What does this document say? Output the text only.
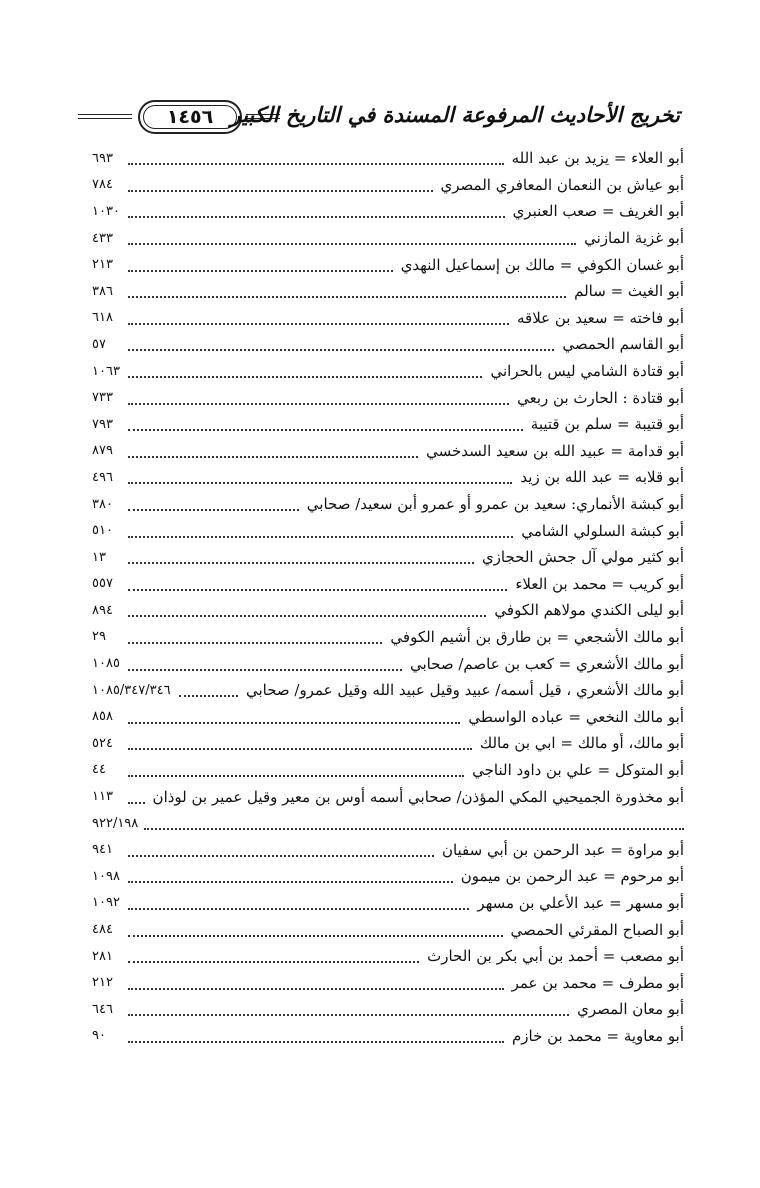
١٤٥٦ تخريج الأحاديث المرفوعة المسندة في التاريخ الكبير
أبو العلاء = يزيد بن عبد الله
٦٩٣
أبو عياش بن النعمان المعافري المصري
٧٨٤
أبو الغريف = صعب العنبري
١٠٣٠
أبو غزية المازني
٤٣٣
أبو غسان الكوفي = مالك بن إسماعيل النهدي
٢١٣
أبو الغيث = سالم
٣٨٦
أبو فاخته = سعيد بن علاقه
٦١٨
أبو القاسم الحمصي
٥٧
أبو قتادة الشامي ليس بالحراني
١٠٦٣
أبو قتادة : الحارث بن ربعي
٧٣٣
أبو قتيبة = سلم بن قتيبة
٧٩٣
أبو قدامة = عبيد الله بن سعيد السدخسي
٨٧٩
أبو قلابه = عبد الله بن زيد
٤٩٦
أبو كبشة الأنماري: سعيد بن عمرو أو عمرو أبن سعيد/ صحابي
٣٨٠
أبو كبشة السلولي الشامي
٥١٠
أبو كثير مولي آل جحش الحجازي
١٣
أبو كريب = محمد بن العلاء
٥٥٧
أبو ليلى الكندي مولاهم الكوفي
٨٩٤
أبو مالك الأشجعي = بن طارق بن أشيم الكوفي
٢٩
أبو مالك الأشعري = كعب بن عاصم/ صحابي
١٠٨٥
أبو مالك الأشعري ، قيل أسمه/ عبيد وقيل عبيد الله وقيل عمرو/ صحابي
١٠٨٥/٣٤٧/٣٤٦
أبو مالك النخعي = عباده الواسطي
٨٥٨
أبو مالك، أو مالك = ابي بن مالك
٥٢٤
أبو المتوكل = علي بن داود الناجي
٤٤
أبو مخذورة الجميحيي المكي المؤذن/ صحابي أسمه أوس بن معير وقيل عمير بن لوذان
١١٣
٩٢٢/١٩٨
أبو مراوة = عبد الرحمن بن أبي سفيان
٩٤١
أبو مرحوم = عبد الرحمن بن ميمون
١٠٩٨
أبو مسهر = عبد الأعلي بن مسهر
١٠٩٢
أبو الصباح المقرئي الحمصي
٤٨٤
أبو مصعب = أحمد بن أبي بكر بن الحارث
٢٨١
أبو مطرف = محمد بن عمر
٢١٢
أبو معان المصري
٦٤٦
أبو معاوية = محمد بن خازم
٩٠
